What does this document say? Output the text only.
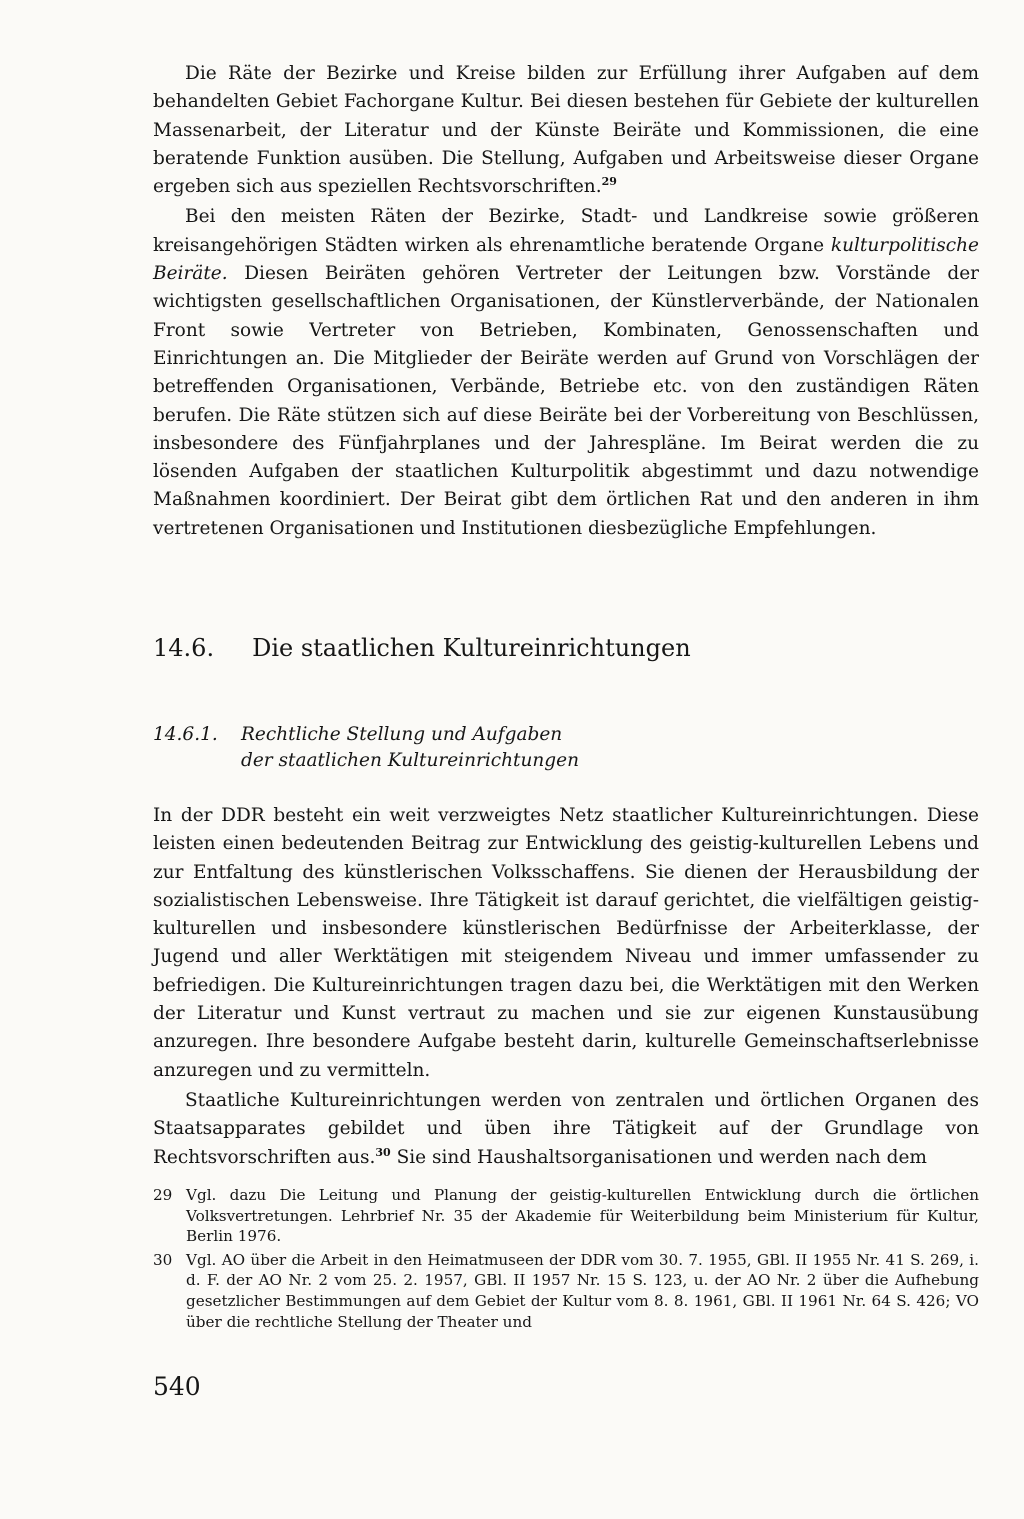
Die Räte der Bezirke und Kreise bilden zur Erfüllung ihrer Aufgaben auf dem behandelten Gebiet Fachorgane Kultur. Bei diesen bestehen für Gebiete der kulturellen Massenarbeit, der Literatur und der Künste Beiräte und Kommissionen, die eine beratende Funktion ausüben. Die Stellung, Aufgaben und Arbeitsweise dieser Organe ergeben sich aus speziellen Rechtsvorschriften.$^{29}$

Bei den meisten Räten der Bezirke, Stadt- und Landkreise sowie größeren kreisangehörigen Städten wirken als ehrenamtliche beratende Organe kulturpolitische Beiräte. Diesen Beiräten gehören Vertreter der Leitungen bzw. Vorstände der wichtigsten gesellschaftlichen Organisationen, der Künstlerverbände, der Nationalen Front sowie Vertreter von Betrieben, Kombinaten, Genossenschaften und Einrichtungen an. Die Mitglieder der Beiräte werden auf Grund von Vorschlägen der betreffenden Organisationen, Verbände, Betriebe etc. von den zuständigen Räten berufen. Die Räte stützen sich auf diese Beiräte bei der Vorbereitung von Beschlüssen, insbesondere des Fünfjahrplanes und der Jahrespläne. Im Beirat werden die zu lösenden Aufgaben der staatlichen Kulturpolitik abgestimmt und dazu notwendige Maßnahmen koordiniert. Der Beirat gibt dem örtlichen Rat und den anderen in ihm vertretenen Organisationen und Institutionen diesbezügliche Empfehlungen.

14.6. Die staatlichen Kultureinrichtungen
14.6.1.	Rechtliche Stellung und Aufgaben
der staatlichen Kultureinrichtungen

In der DDR besteht ein weit verzweigtes Netz staatlicher Kultureinrichtungen. Diese leisten einen bedeutenden Beitrag zur Entwicklung des geistig-kulturellen Lebens und zur Entfaltung des künstlerischen Volksschaffens. Sie dienen der Herausbildung der sozialistischen Lebensweise. Ihre Tätigkeit ist darauf gerichtet, die vielfältigen geistig-kulturellen und insbesondere künstlerischen Bedürfnisse der Arbeiterklasse, der Jugend und aller Werktätigen mit steigendem Niveau und immer umfassender zu befriedigen. Die Kultureinrichtungen tragen dazu bei, die Werktätigen mit den Werken der Literatur und Kunst vertraut zu machen und sie zur eigenen Kunstausübung anzuregen. Ihre besondere Aufgabe besteht darin, kulturelle Gemeinschaftserlebnisse anzuregen und zu vermitteln.

Staatliche Kultureinrichtungen werden von zentralen und örtlichen Organen des Staatsapparates gebildet und üben ihre Tätigkeit auf der Grundlage von Rechtsvorschriften aus.$^{30}$ Sie sind Haushaltsorganisationen und werden nach dem

29 Vgl. dazu Die Leitung und Planung der geistig-kulturellen Entwicklung durch die örtlichen Volksvertretungen. Lehrbrief Nr. 35 der Akademie für Weiterbildung beim Ministerium für Kultur, Berlin 1976.
30 Vgl. AO über die Arbeit in den Heimatmuseen der DDR vom 30. 7. 1955, GBl. II 1955 Nr. 41 S. 269, i. d. F. der AO Nr. 2 vom 25. 2. 1957, GBl. II 1957 Nr. 15 S. 123, u. der AO Nr. 2 über die Aufhebung gesetzlicher Bestimmungen auf dem Gebiet der Kultur vom 8. 8. 1961, GBl. II 1961 Nr. 64 S. 426; VO über die rechtliche Stellung der Theater und

540
